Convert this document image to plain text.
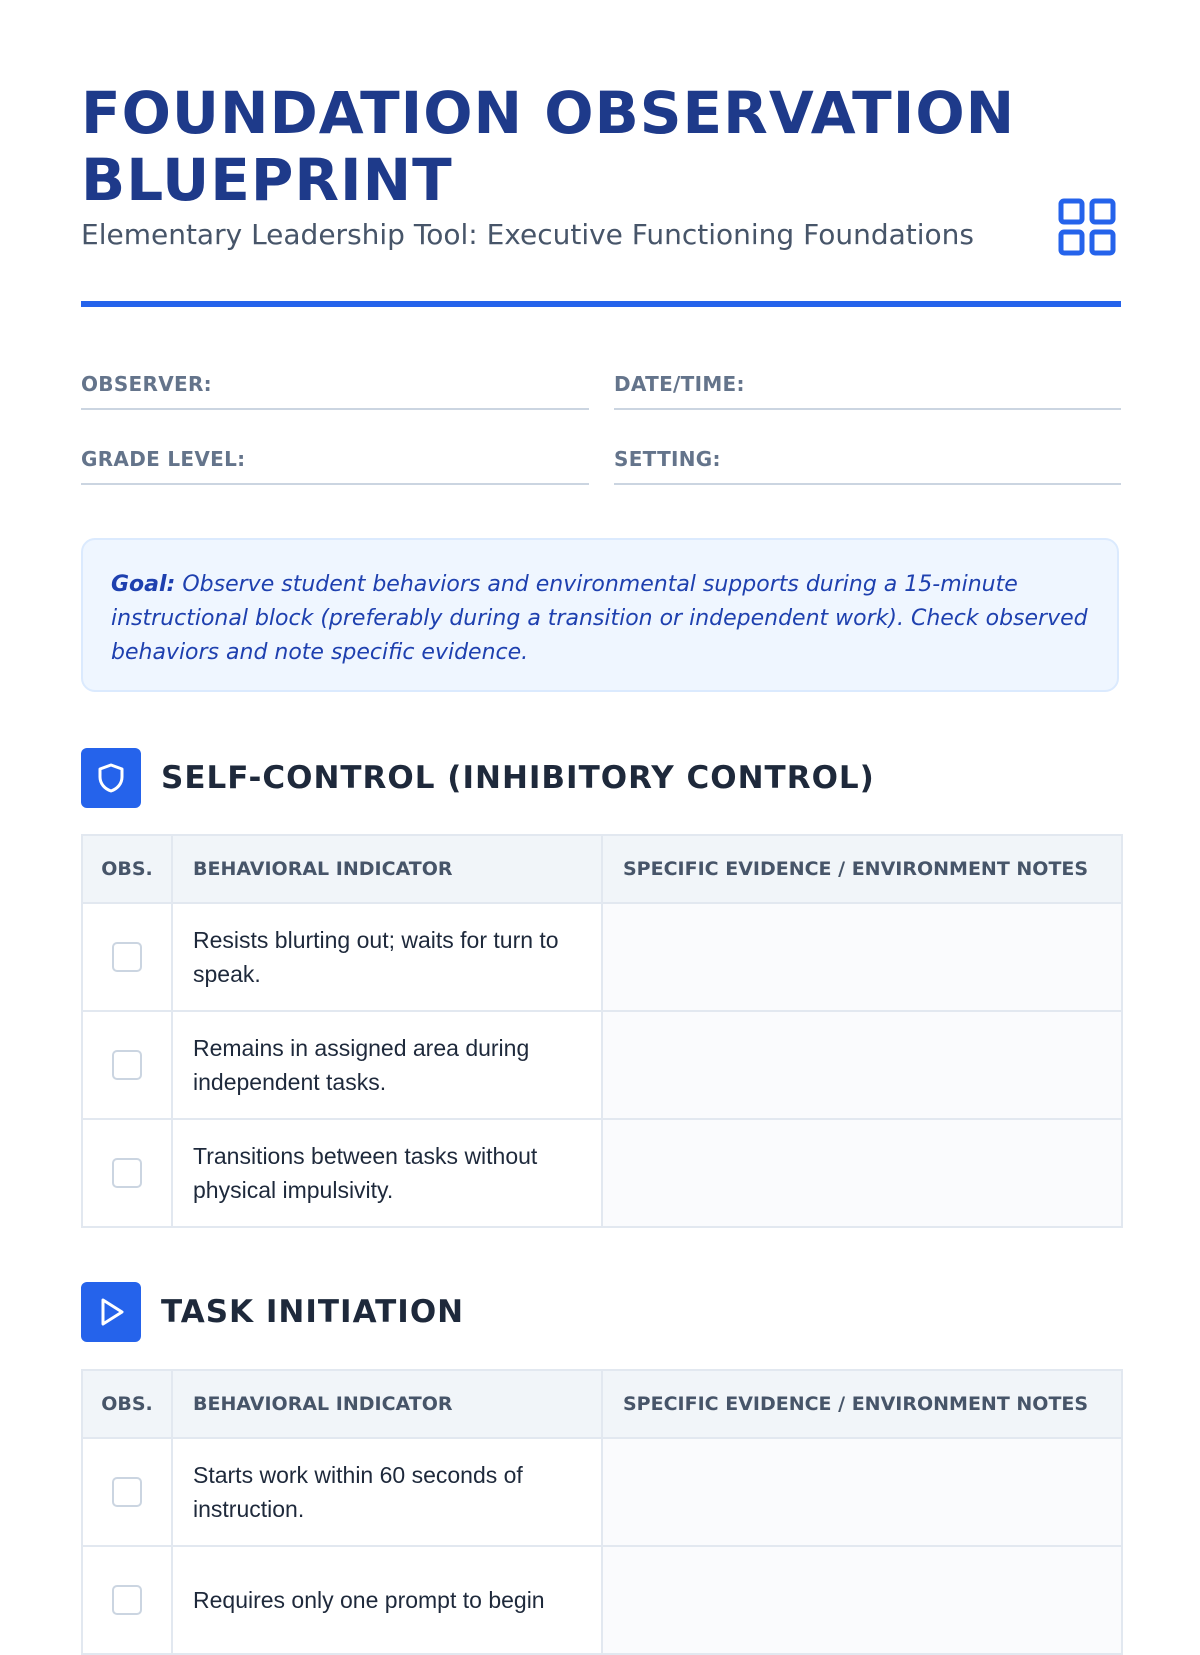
FOUNDATION OBSERVATION BLUEPRINT

Elementary Leadership Tool: Executive Functioning Foundations

OBSERVER:	DATE/TIME:
GRADE LEVEL:	SETTING:
Goal: Observe student behaviors and environmental supports during a 15-minute instructional block (preferably during a transition or independent work). Check observed behaviors and note specific evidence.
SELF-CONTROL (INHIBITORY CONTROL)
OBS.	BEHAVIORAL INDICATOR	SPECIFIC EVIDENCE / ENVIRONMENT NOTES
	Resists blurting out; waits for turn to speak.	
	Remains in assigned area during independent tasks.	
	Transitions between tasks without physical impulsivity.	
TASK INITIATION
OBS.	BEHAVIORAL INDICATOR	SPECIFIC EVIDENCE / ENVIRONMENT NOTES
	Starts work within 60 seconds of instruction.	
	Requires only one prompt to begin	
